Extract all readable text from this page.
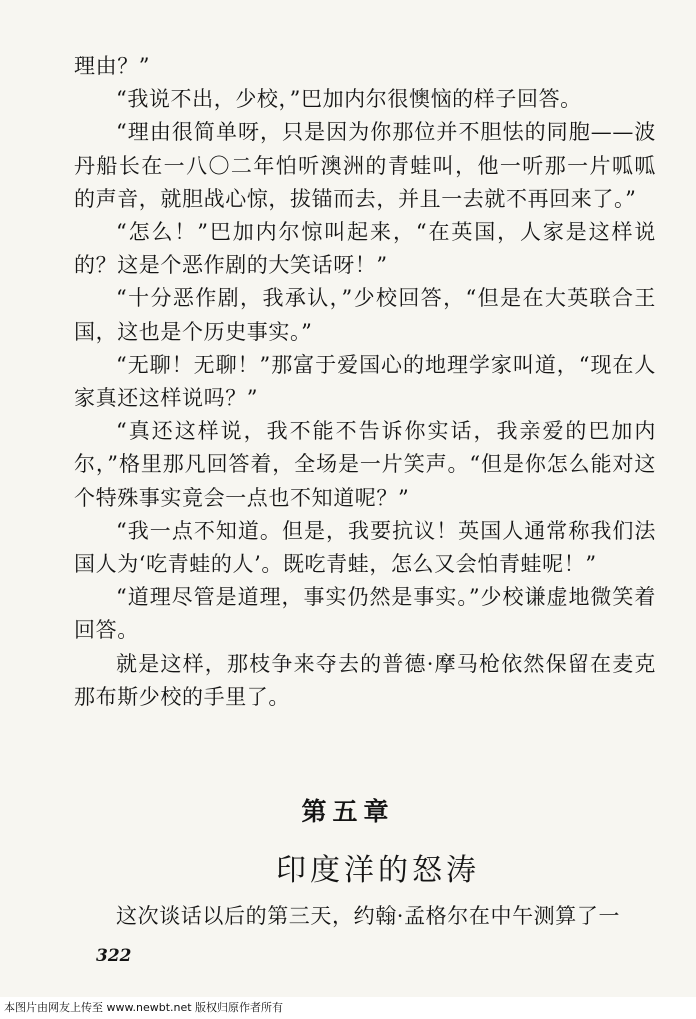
理由？”

“我说不出，少校，”巴加内尔很懊恼的样子回答。

“理由很简单呀，只是因为你那位并不胆怯的同胞——波丹船长在一八〇二年怕听澳洲的青蛙叫，他一听那一片呱呱的声音，就胆战心惊，拔锚而去，并且一去就不再回来了。”

“怎么！”巴加内尔惊叫起来，“在英国，人家是这样说的？这是个恶作剧的大笑话呀！”

“十分恶作剧，我承认，”少校回答，“但是在大英联合王国，这也是个历史事实。”

“无聊！无聊！”那富于爱国心的地理学家叫道，“现在人家真还这样说吗？”

“真还这样说，我不能不告诉你实话，我亲爱的巴加内尔，”格里那凡回答着，全场是一片笑声。“但是你怎么能对这个特殊事实竟会一点也不知道呢？”

“我一点不知道。但是，我要抗议！英国人通常称我们法国人为‘吃青蛙的人’。既吃青蛙，怎么又会怕青蛙呢！”

“道理尽管是道理，事实仍然是事实。”少校谦虚地微笑着回答。

就是这样，那枝争来夺去的普德·摩马枪依然保留在麦克那布斯少校的手里了。

第五章
印度洋的怒涛

这次谈话以后的第三天，约翰·孟格尔在中午测算了一

322
本图片由网友上传至 www.newbt.net 版权归原作者所有
